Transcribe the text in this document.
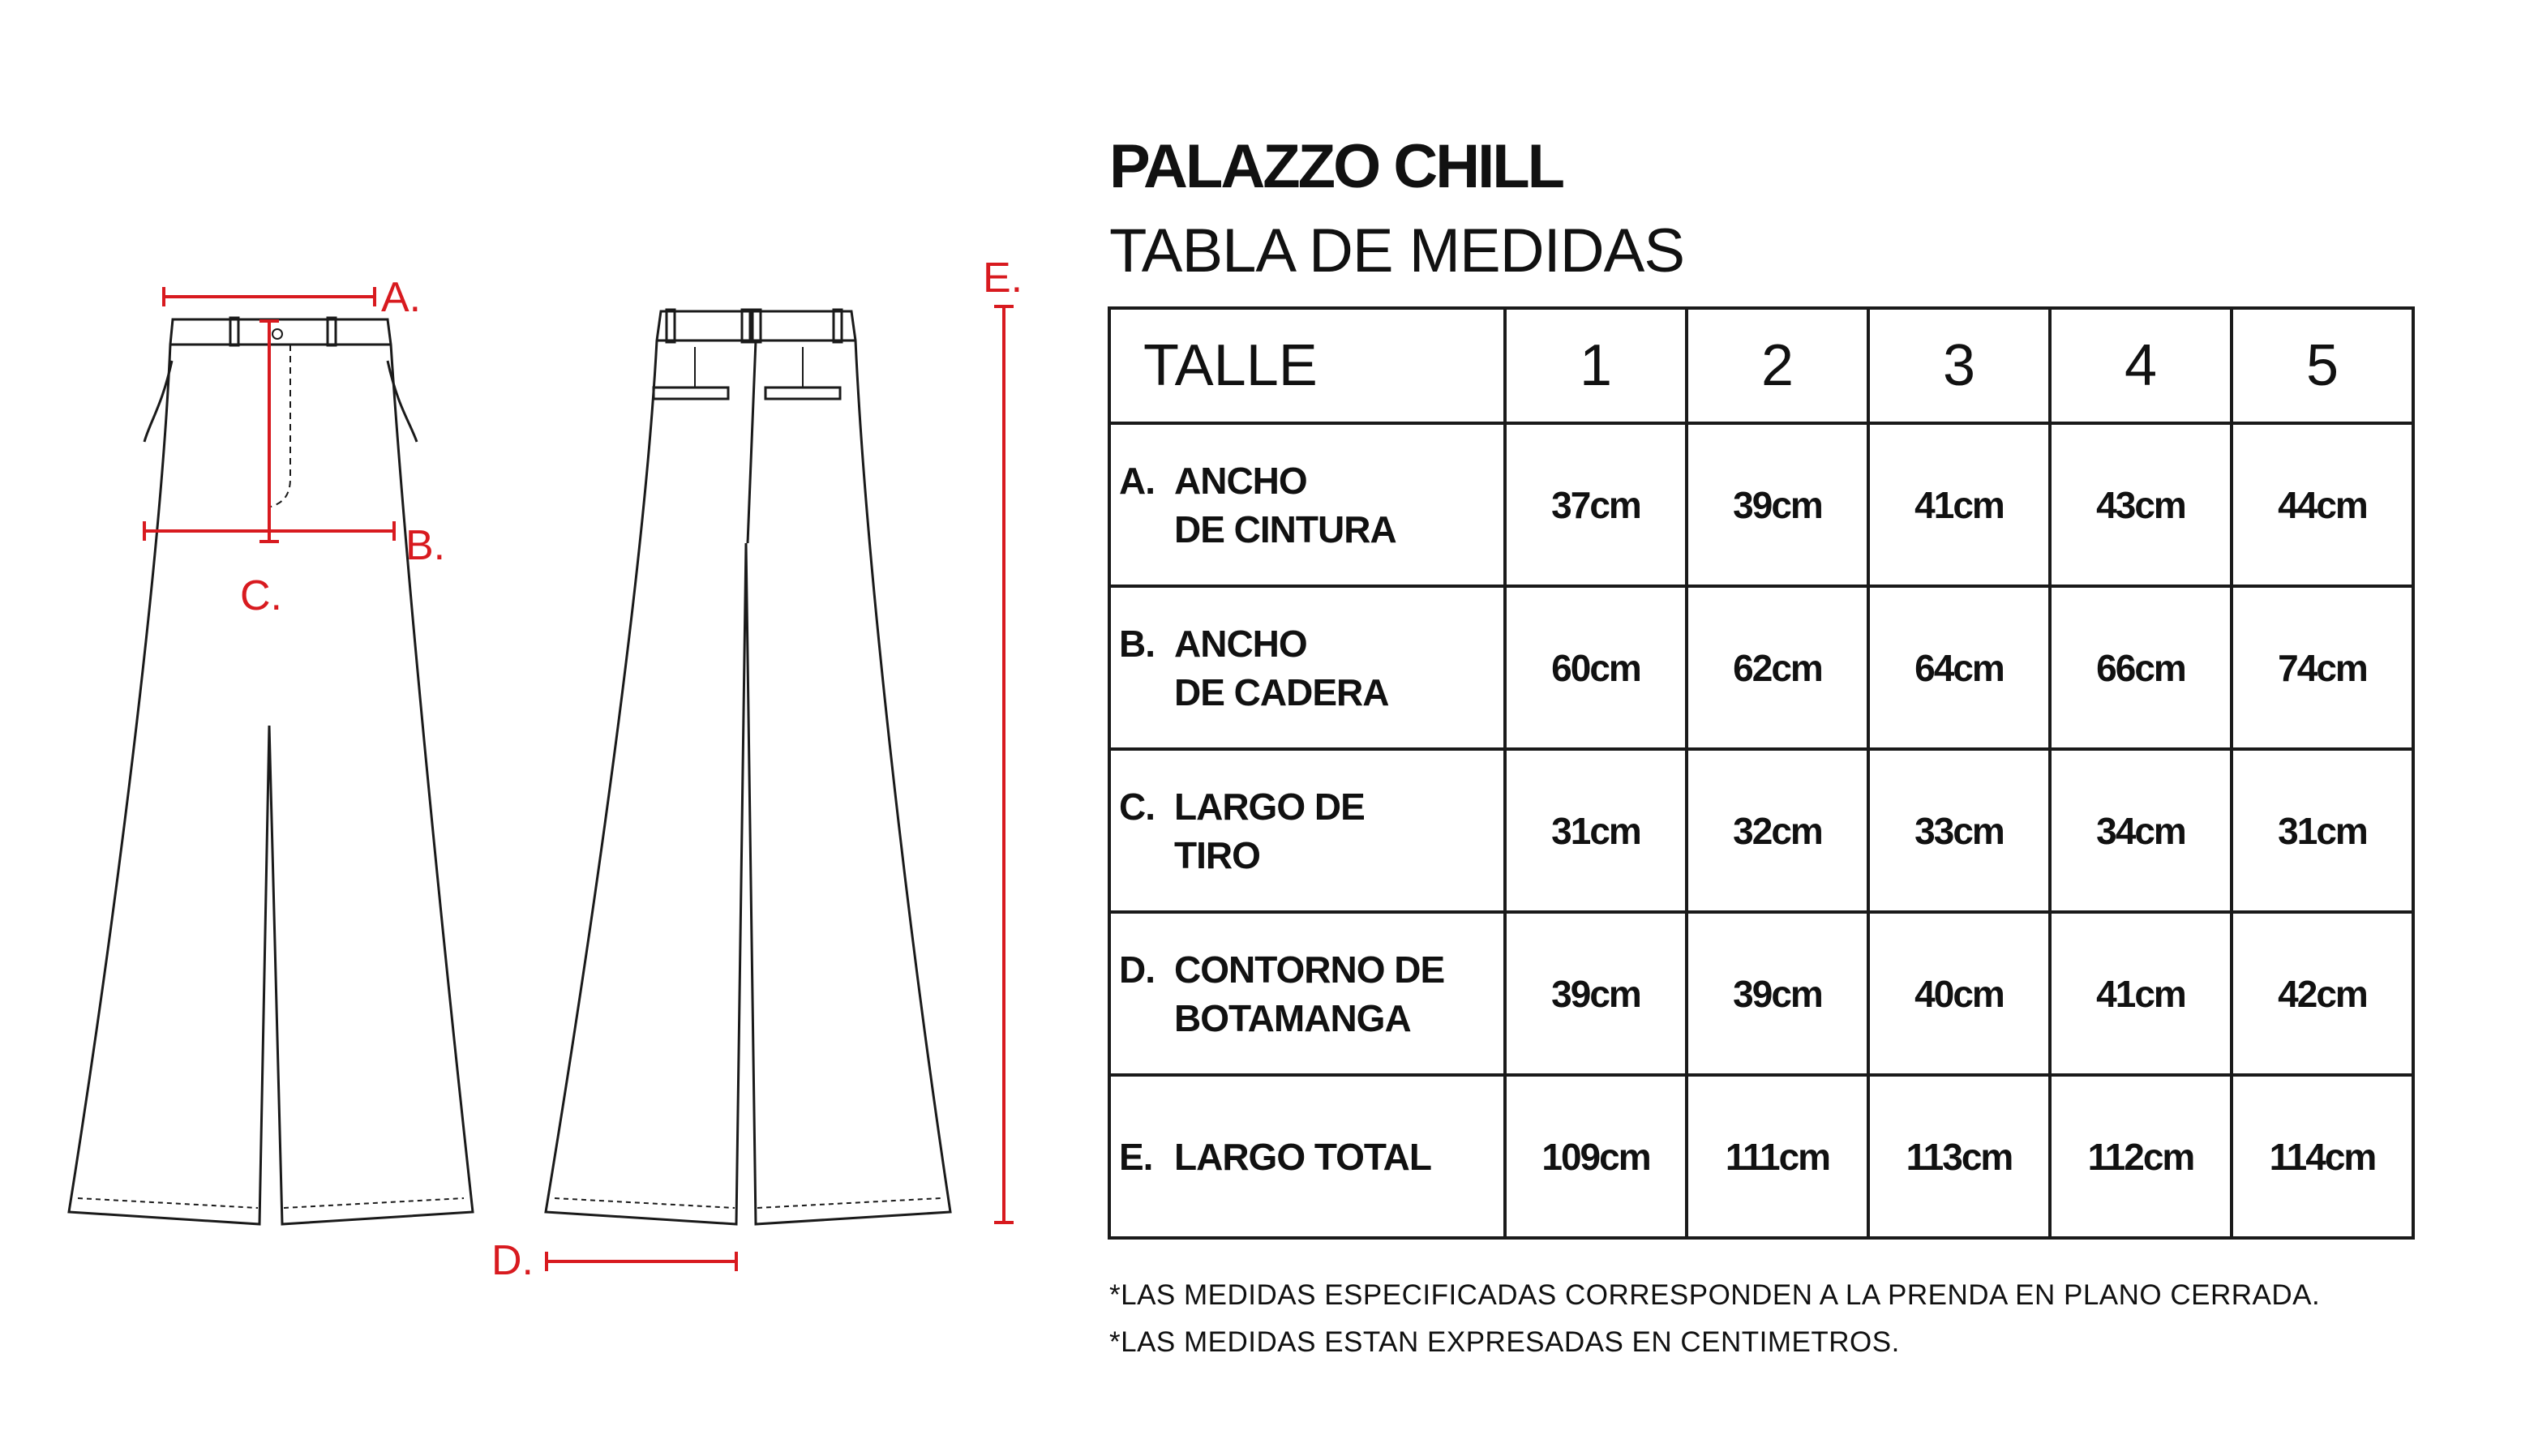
A.
B.
C.
D.
E.
PALAZZO CHILL
TABLA DE MEDIDAS
TALLE	1	2	3	4	5

A. ANCHO
DE CINTURA	37cm	39cm	41cm	43cm	44cm

B. ANCHO
DE CADERA	60cm	62cm	64cm	66cm	74cm

C. LARGO DE
TIRO	31cm	32cm	33cm	34cm	31cm

D. CONTORNO DE
BOTAMANGA	39cm	39cm	40cm	41cm	42cm

E. LARGO TOTAL	109cm	111cm	113cm	112cm	114cm

*LAS MEDIDAS ESPECIFICADAS CORRESPONDEN A LA PRENDA EN PLANO CERRADA.

*LAS MEDIDAS ESTAN EXPRESADAS EN CENTIMETROS.
